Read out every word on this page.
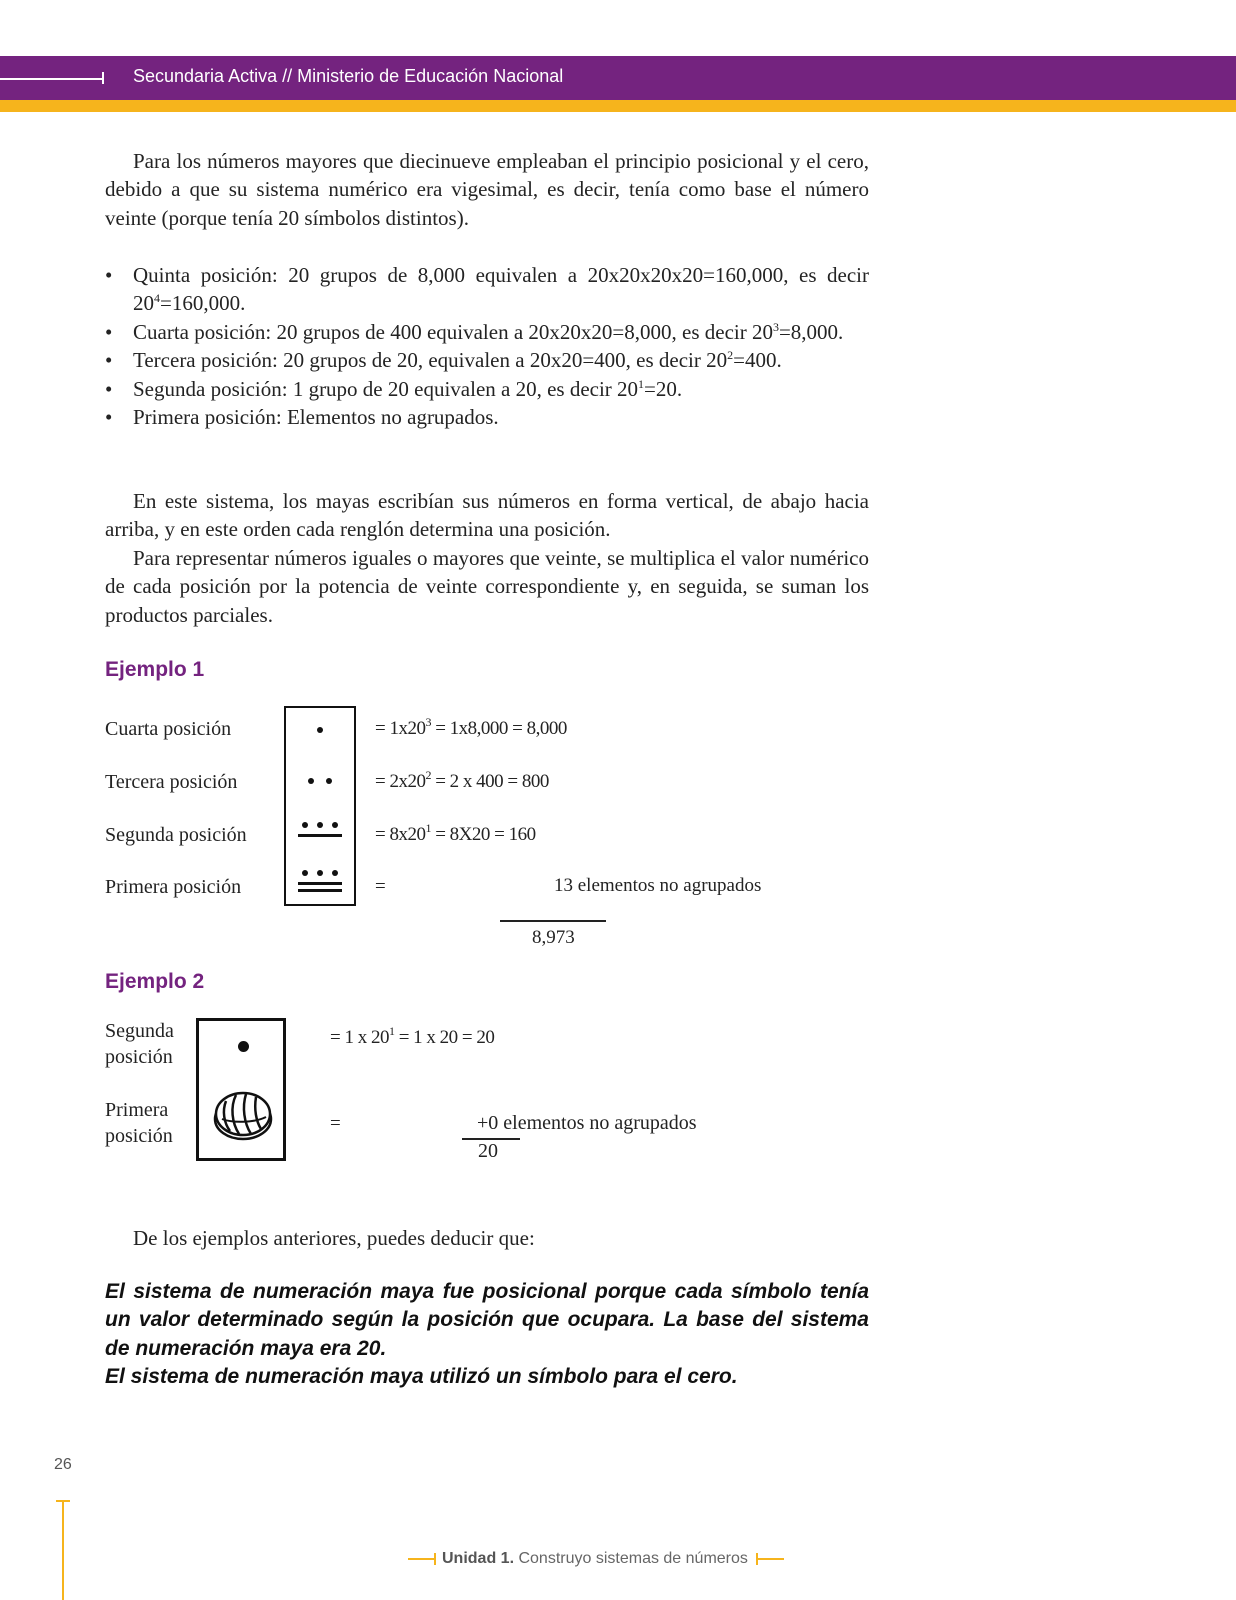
Secundaria Activa // Ministerio de Educación Nacional

Para los números mayores que diecinueve empleaban el principio posicional y el cero, debido a que su sistema numérico era vigesimal, es decir, tenía como base el número veinte (porque tenía 20 símbolos distintos).

• Quinta posición: 20 grupos de 8,000 equivalen a 20x20x20x20=160,000, es decir $20^4=160,000$.
• Cuarta posición: 20 grupos de 400 equivalen a 20x20x20=8,000, es decir $20^3=8,000$.
• Tercera posición: 20 grupos de 20, equivalen a 20x20=400, es decir $20^2=400$.
• Segunda posición: 1 grupo de 20 equivalen a 20, es decir $20^1=20$.
• Primera posición: Elementos no agrupados.

En este sistema, los mayas escribían sus números en forma vertical, de abajo hacia arriba, y en este orden cada renglón determina una posición.

Para representar números iguales o mayores que veinte, se multiplica el valor numérico de cada posición por la potencia de veinte correspondiente y, en seguida, se suman los productos parciales.

Ejemplo 1
Cuarta posición
Tercera posición
Segunda posición
Primera posición
= $1x20^3 = 1x8,000 = 8,000$
= $2x20^2 = 2$ x 400 = 800
= $8x20^1 = 8X20 = 160$
=	13 elementos no agrupados
8,973
Ejemplo 2
Segunda
posición
Primera
posición
= 1 x $20^1 = 1$ x 20 = 20
=	+0 elementos no agrupados
20

De los ejemplos anteriores, puedes deducir que:

El sistema de numeración maya fue posicional porque cada símbolo tenía un valor determinado según la posición que ocupara. La base del sistema de numeración maya era 20.

El sistema de numeración maya utilizó un símbolo para el cero.

26
Unidad 1. Construyo sistemas de números
